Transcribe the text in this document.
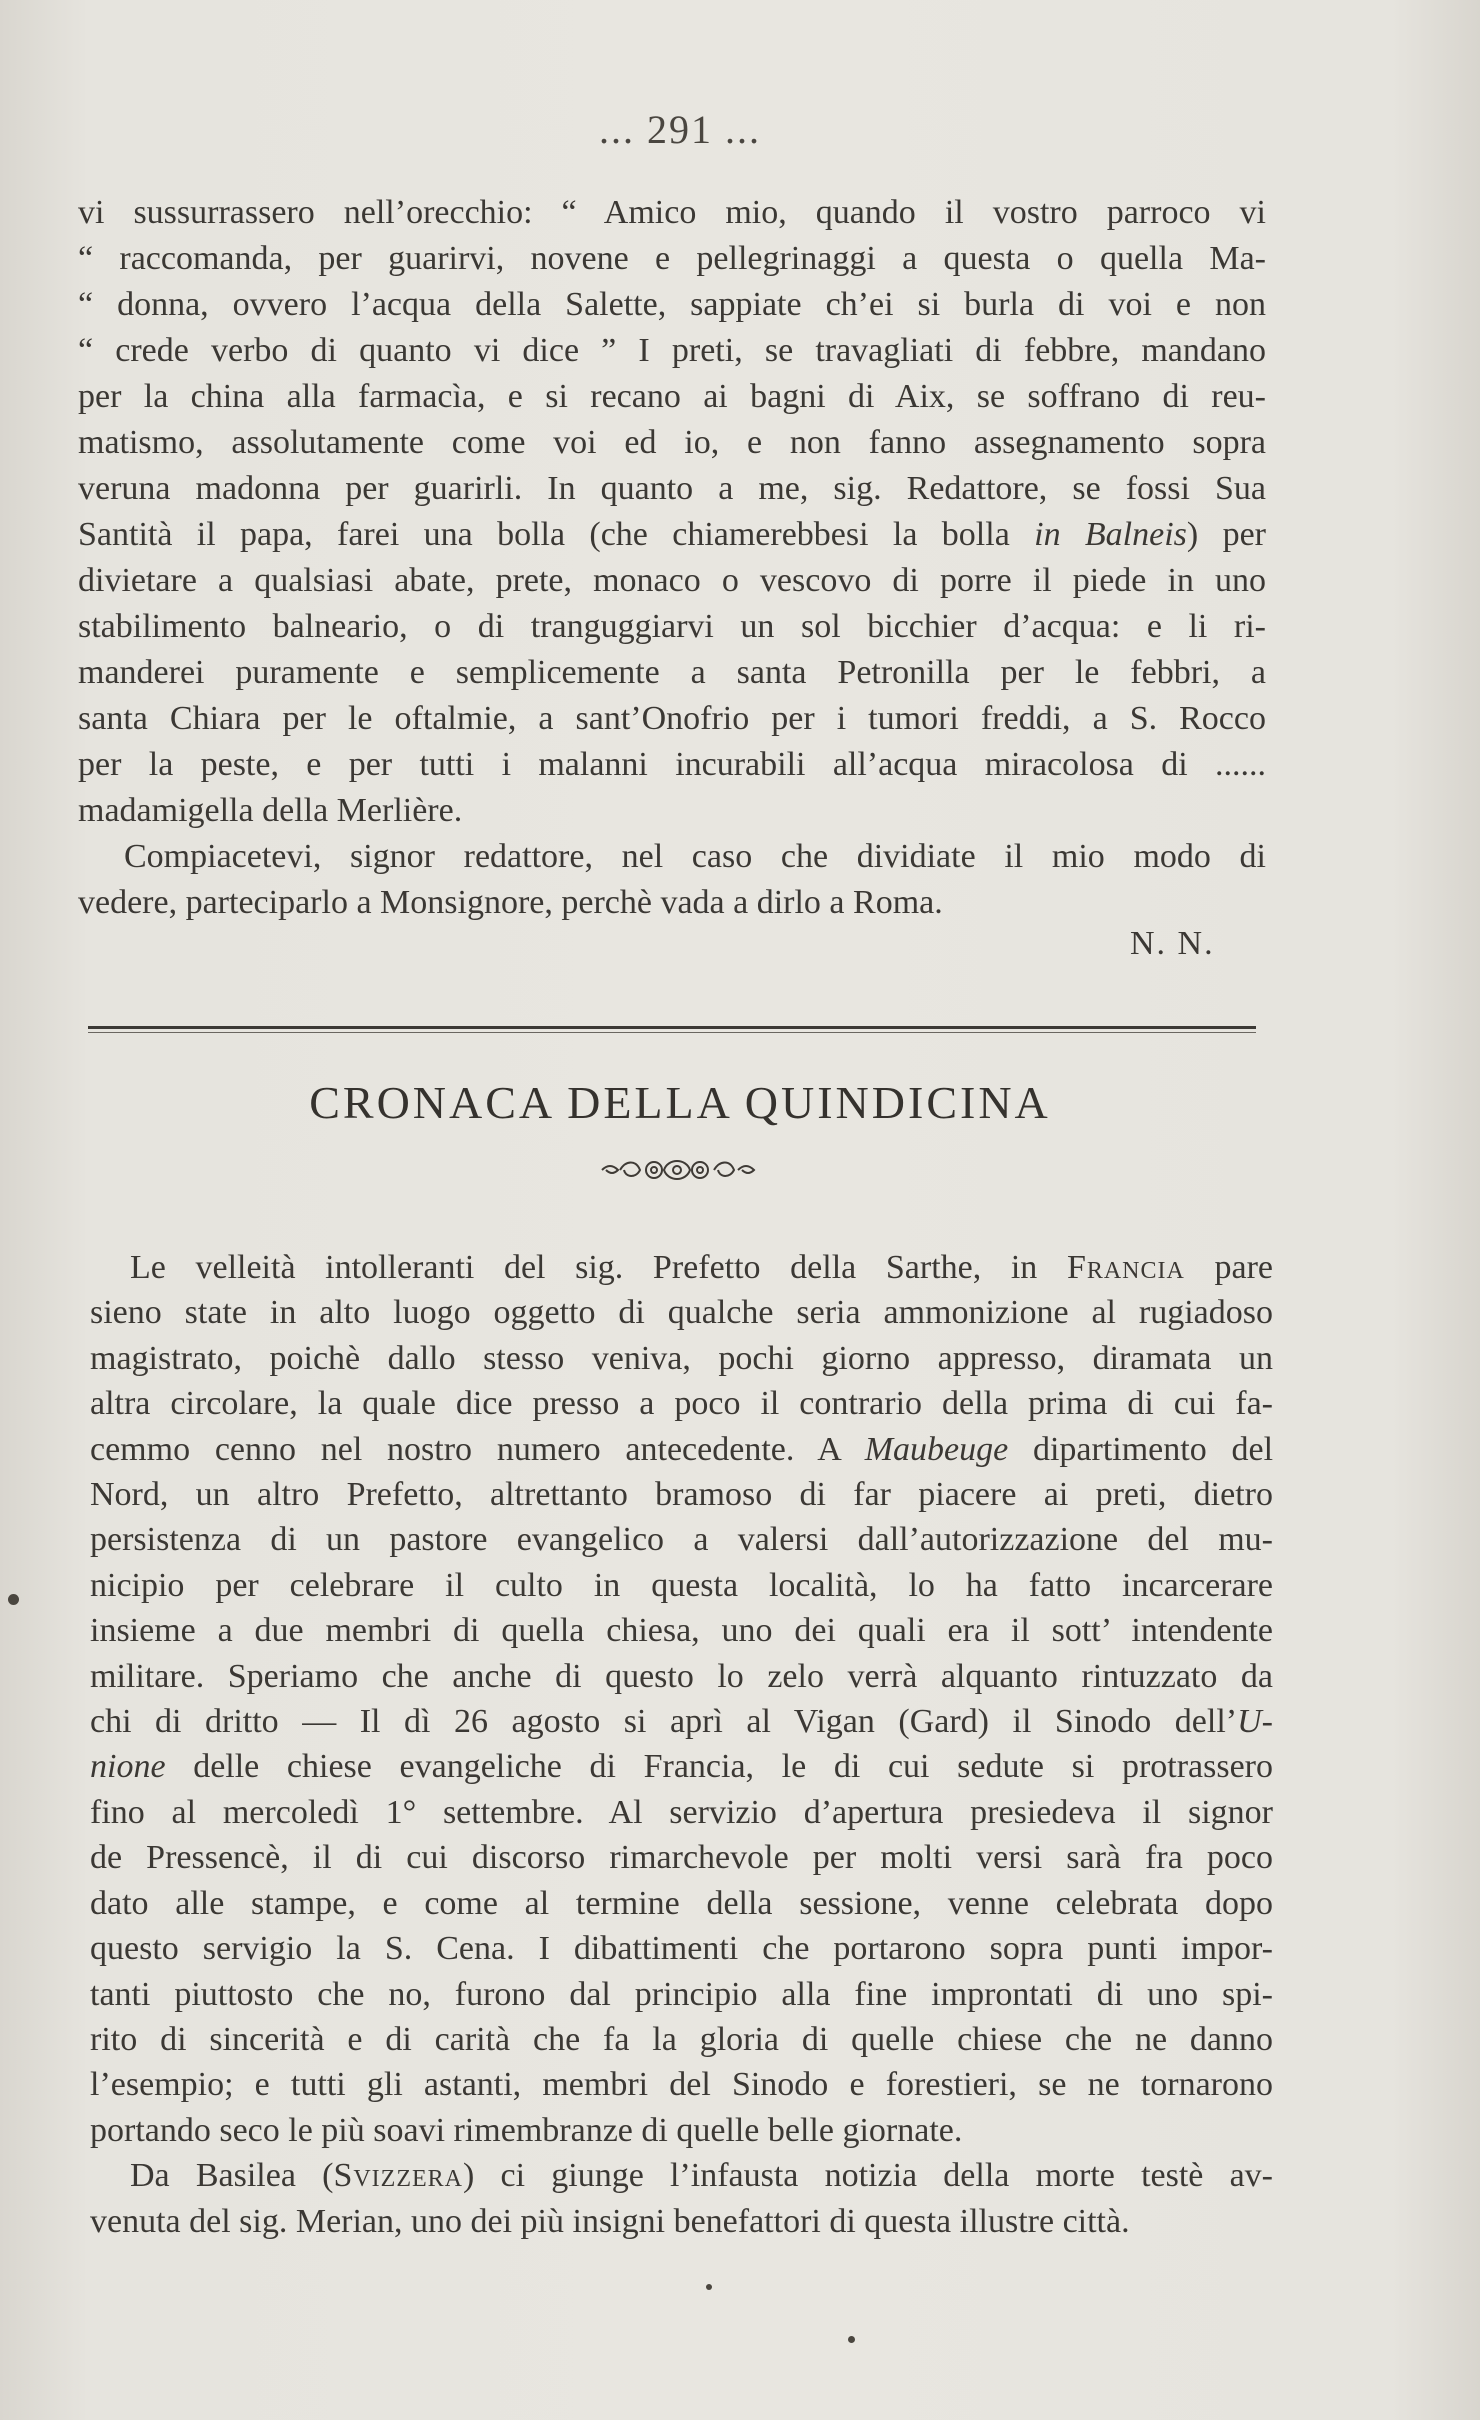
... 291 ...

vi sussurrassero nell’orecchio: “ Amico mio, quando il vostro parroco vi
“ raccomanda, per guarirvi, novene e pellegrinaggi a questa o quella Ma-
“ donna, ovvero l’acqua della Salette, sappiate ch’ei si burla di voi e non
“ crede verbo di quanto vi dice ” I preti, se travagliati di febbre, mandano
per la china alla farmacìa, e si recano ai bagni di Aix, se soffrano di reu-
matismo, assolutamente come voi ed io, e non fanno assegnamento sopra
veruna madonna per guarirli. In quanto a me, sig. Redattore, se fossi Sua
Santità il papa, farei una bolla (che chiamerebbesi la bolla in Balneis) per
divietare a qualsiasi abate, prete, monaco o vescovo di porre il piede in uno
stabilimento balneario, o di tranguggiarvi un sol bicchier d’acqua: e li ri-
manderei puramente e semplicemente a santa Petronilla per le febbri, a
santa Chiara per le oftalmie, a sant’Onofrio per i tumori freddi, a S. Rocco
per la peste, e per tutti i malanni incurabili all’acqua miracolosa di ......
madamigella della Merlière.

Compiacetevi, signor redattore, nel caso che dividiate il mio modo di
vedere, parteciparlo a Monsignore, perchè vada a dirlo a Roma.

N. N.
CRONACA DELLA QUINDICINA

Le velleità intolleranti del sig. Prefetto della Sarthe, in Francia pare
sieno state in alto luogo oggetto di qualche seria ammonizione al rugiadoso
magistrato, poichè dallo stesso veniva, pochi giorno appresso, diramata un
altra circolare, la quale dice presso a poco il contrario della prima di cui fa-
cemmo cenno nel nostro numero antecedente. A Maubeuge dipartimento del
Nord, un altro Prefetto, altrettanto bramoso di far piacere ai preti, dietro
persistenza di un pastore evangelico a valersi dall’autorizzazione del mu-
nicipio per celebrare il culto in questa località, lo ha fatto incarcerare
insieme a due membri di quella chiesa, uno dei quali era il sott’ intendente
militare. Speriamo che anche di questo lo zelo verrà alquanto rintuzzato da
chi di dritto — Il dì 26 agosto si aprì al Vigan (Gard) il Sinodo dell’U-
nione delle chiese evangeliche di Francia, le di cui sedute si protrassero
fino al mercoledì 1° settembre. Al servizio d’apertura presiedeva il signor
de Pressencè, il di cui discorso rimarchevole per molti versi sarà fra poco
dato alle stampe, e come al termine della sessione, venne celebrata dopo
questo servigio la S. Cena. I dibattimenti che portarono sopra punti impor-
tanti piuttosto che no, furono dal principio alla fine improntati di uno spi-
rito di sincerità e di carità che fa la gloria di quelle chiese che ne danno
l’esempio; e tutti gli astanti, membri del Sinodo e forestieri, se ne tornarono
portando seco le più soavi rimembranze di quelle belle giornate.

Da Basilea (Svizzera) ci giunge l’infausta notizia della morte testè av-
venuta del sig. Merian, uno dei più insigni benefattori di questa illustre città.
